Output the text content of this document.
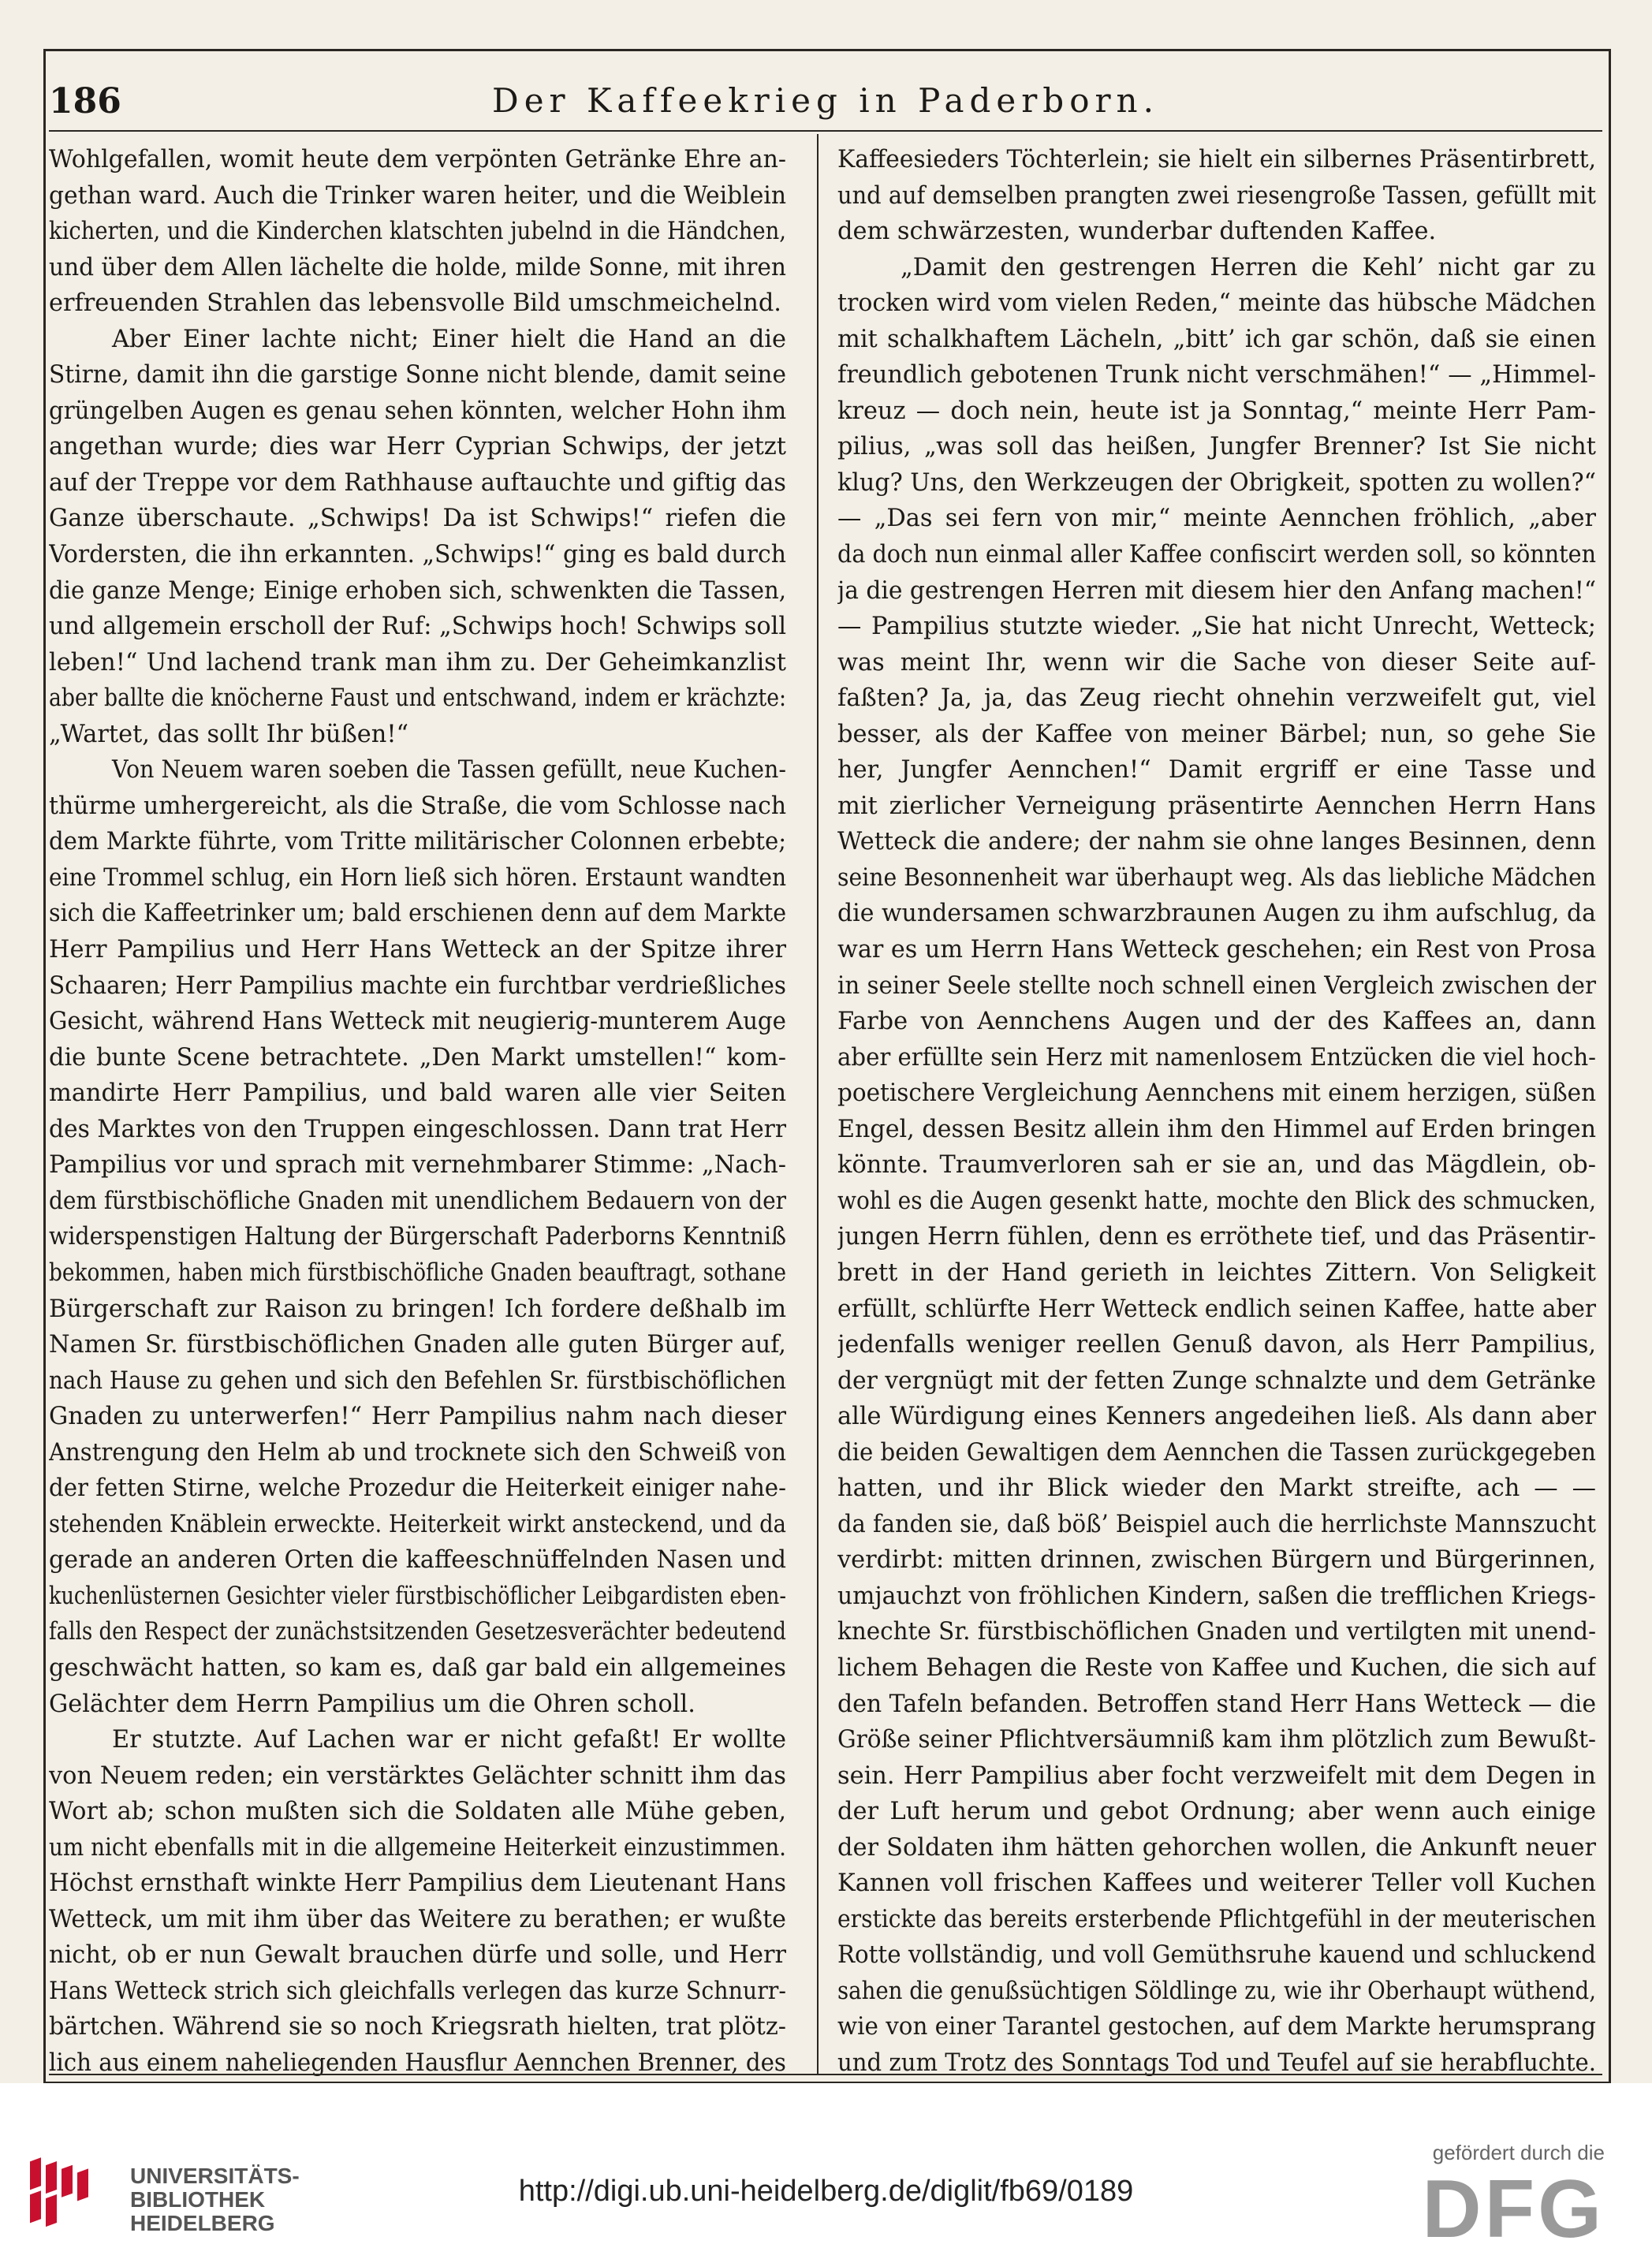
186	Der Kaffeekrieg in Paderborn.
Wohlgefallen, womit heute dem verpönten Getränke Ehre an-
gethan ward. Auch die Trinker waren heiter, und die Weiblein
kicherten, und die Kinderchen klatschten jubelnd in die Händchen,
und über dem Allen lächelte die holde, milde Sonne, mit ihren
erfreuenden Strahlen das lebensvolle Bild umschmeichelnd.
Aber Einer lachte nicht; Einer hielt die Hand an die
Stirne, damit ihn die garstige Sonne nicht blende, damit seine
grüngelben Augen es genau sehen könnten, welcher Hohn ihm
angethan wurde; dies war Herr Cyprian Schwips, der jetzt
auf der Treppe vor dem Rathhause auftauchte und giftig das
Ganze überschaute. „Schwips! Da ist Schwips!“ riefen die
Vordersten, die ihn erkannten. „Schwips!“ ging es bald durch
die ganze Menge; Einige erhoben sich, schwenkten die Tassen,
und allgemein erscholl der Ruf: „Schwips hoch! Schwips soll
leben!“ Und lachend trank man ihm zu. Der Geheimkanzlist
aber ballte die knöcherne Faust und entschwand, indem er krächzte:
„Wartet, das sollt Ihr büßen!“
Von Neuem waren soeben die Tassen gefüllt, neue Kuchen-
thürme umhergereicht, als die Straße, die vom Schlosse nach
dem Markte führte, vom Tritte militärischer Colonnen erbebte;
eine Trommel schlug, ein Horn ließ sich hören. Erstaunt wandten
sich die Kaffeetrinker um; bald erschienen denn auf dem Markte
Herr Pampilius und Herr Hans Wetteck an der Spitze ihrer
Schaaren; Herr Pampilius machte ein furchtbar verdrießliches
Gesicht, während Hans Wetteck mit neugierig-munterem Auge
die bunte Scene betrachtete. „Den Markt umstellen!“ kom-
mandirte Herr Pampilius, und bald waren alle vier Seiten
des Marktes von den Truppen eingeschlossen. Dann trat Herr
Pampilius vor und sprach mit vernehmbarer Stimme: „Nach-
dem fürstbischöfliche Gnaden mit unendlichem Bedauern von der
widerspenstigen Haltung der Bürgerschaft Paderborns Kenntniß
bekommen, haben mich fürstbischöfliche Gnaden beauftragt, sothane
Bürgerschaft zur Raison zu bringen! Ich fordere deßhalb im
Namen Sr. fürstbischöflichen Gnaden alle guten Bürger auf,
nach Hause zu gehen und sich den Befehlen Sr. fürstbischöflichen
Gnaden zu unterwerfen!“ Herr Pampilius nahm nach dieser
Anstrengung den Helm ab und trocknete sich den Schweiß von
der fetten Stirne, welche Prozedur die Heiterkeit einiger nahe-
stehenden Knäblein erweckte. Heiterkeit wirkt ansteckend, und da
gerade an anderen Orten die kaffeeschnüffelnden Nasen und
kuchenlüsternen Gesichter vieler fürstbischöflicher Leibgardisten eben-
falls den Respect der zunächstsitzenden Gesetzesverächter bedeutend
geschwächt hatten, so kam es, daß gar bald ein allgemeines
Gelächter dem Herrn Pampilius um die Ohren scholl.
Er stutzte. Auf Lachen war er nicht gefaßt! Er wollte
von Neuem reden; ein verstärktes Gelächter schnitt ihm das
Wort ab; schon mußten sich die Soldaten alle Mühe geben,
um nicht ebenfalls mit in die allgemeine Heiterkeit einzustimmen.
Höchst ernsthaft winkte Herr Pampilius dem Lieutenant Hans
Wetteck, um mit ihm über das Weitere zu berathen; er wußte
nicht, ob er nun Gewalt brauchen dürfe und solle, und Herr
Hans Wetteck strich sich gleichfalls verlegen das kurze Schnurr-
bärtchen. Während sie so noch Kriegsrath hielten, trat plötz-
lich aus einem naheliegenden Hausflur Aennchen Brenner, des
Kaffeesieders Töchterlein; sie hielt ein silbernes Präsentirbrett,
und auf demselben prangten zwei riesengroße Tassen, gefüllt mit
dem schwärzesten, wunderbar duftenden Kaffee.
„Damit den gestrengen Herren die Kehl’ nicht gar zu
trocken wird vom vielen Reden,“ meinte das hübsche Mädchen
mit schalkhaftem Lächeln, „bitt’ ich gar schön, daß sie einen
freundlich gebotenen Trunk nicht verschmähen!“ — „Himmel-
kreuz — doch nein, heute ist ja Sonntag,“ meinte Herr Pam-
pilius, „was soll das heißen, Jungfer Brenner? Ist Sie nicht
klug? Uns, den Werkzeugen der Obrigkeit, spotten zu wollen?“
— „Das sei fern von mir,“ meinte Aennchen fröhlich, „aber
da doch nun einmal aller Kaffee confiscirt werden soll, so könnten
ja die gestrengen Herren mit diesem hier den Anfang machen!“
— Pampilius stutzte wieder. „Sie hat nicht Unrecht, Wetteck;
was meint Ihr, wenn wir die Sache von dieser Seite auf-
faßten? Ja, ja, das Zeug riecht ohnehin verzweifelt gut, viel
besser, als der Kaffee von meiner Bärbel; nun, so gehe Sie
her, Jungfer Aennchen!“ Damit ergriff er eine Tasse und
mit zierlicher Verneigung präsentirte Aennchen Herrn Hans
Wetteck die andere; der nahm sie ohne langes Besinnen, denn
seine Besonnenheit war überhaupt weg. Als das liebliche Mädchen
die wundersamen schwarzbraunen Augen zu ihm aufschlug, da
war es um Herrn Hans Wetteck geschehen; ein Rest von Prosa
in seiner Seele stellte noch schnell einen Vergleich zwischen der
Farbe von Aennchens Augen und der des Kaffees an, dann
aber erfüllte sein Herz mit namenlosem Entzücken die viel hoch-
poetischere Vergleichung Aennchens mit einem herzigen, süßen
Engel, dessen Besitz allein ihm den Himmel auf Erden bringen
könnte. Traumverloren sah er sie an, und das Mägdlein, ob-
wohl es die Augen gesenkt hatte, mochte den Blick des schmucken,
jungen Herrn fühlen, denn es erröthete tief, und das Präsentir-
brett in der Hand gerieth in leichtes Zittern. Von Seligkeit
erfüllt, schlürfte Herr Wetteck endlich seinen Kaffee, hatte aber
jedenfalls weniger reellen Genuß davon, als Herr Pampilius,
der vergnügt mit der fetten Zunge schnalzte und dem Getränke
alle Würdigung eines Kenners angedeihen ließ. Als dann aber
die beiden Gewaltigen dem Aennchen die Tassen zurückgegeben
hatten, und ihr Blick wieder den Markt streifte, ach — —
da fanden sie, daß böß’ Beispiel auch die herrlichste Mannszucht
verdirbt: mitten drinnen, zwischen Bürgern und Bürgerinnen,
umjauchzt von fröhlichen Kindern, saßen die trefflichen Kriegs-
knechte Sr. fürstbischöflichen Gnaden und vertilgten mit unend-
lichem Behagen die Reste von Kaffee und Kuchen, die sich auf
den Tafeln befanden. Betroffen stand Herr Hans Wetteck — die
Größe seiner Pflichtversäumniß kam ihm plötzlich zum Bewußt-
sein. Herr Pampilius aber focht verzweifelt mit dem Degen in
der Luft herum und gebot Ordnung; aber wenn auch einige
der Soldaten ihm hätten gehorchen wollen, die Ankunft neuer
Kannen voll frischen Kaffees und weiterer Teller voll Kuchen
erstickte das bereits ersterbende Pflichtgefühl in der meuterischen
Rotte vollständig, und voll Gemüthsruhe kauend und schluckend
sahen die genußsüchtigen Söldlinge zu, wie ihr Oberhaupt wüthend,
wie von einer Tarantel gestochen, auf dem Markte herumsprang
und zum Trotz des Sonntags Tod und Teufel auf sie herabfluchte.
UNIVERSITÄTS-
BIBLIOTHEK
HEIDELBERG
http://digi.ub.uni-heidelberg.de/diglit/fb69/0189
gefördert durch die
DFG
